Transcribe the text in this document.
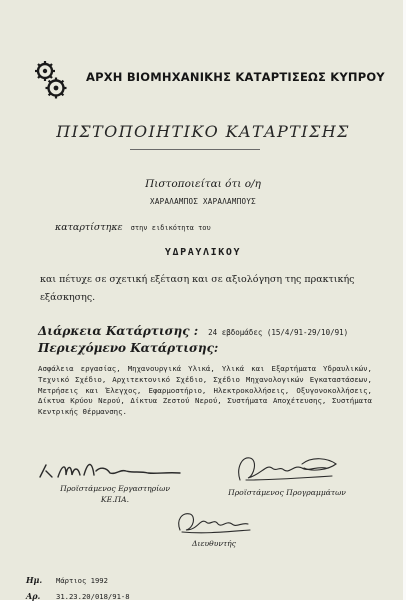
ΑΡΧΗ ΒΙΟΜΗΧΑΝΙΚΗΣ ΚΑΤΑΡΤΙΣΕΩΣ ΚΥΠΡΟΥ
ΠΙΣΤΟΠΟΙΗΤΙΚΟ ΚΑΤΑΡΤΙΣΗΣ
Πιστοποιείται ότι ο/η
ΧΑΡΑΛΑΜΠΟΣ ΧΑΡΑΛΑΜΠΟΥΣ
καταρτίστηκε στην ειδικότητα του
ΥΔΡΑΥΛΙΚΟΥ
και πέτυχε σε σχετική εξέταση και σε αξιολόγηση της πρακτικής εξάσκησης.
Διάρκεια Κατάρτισης : 24 εβδομάδες (15/4/91-29/10/91)
Περιεχόμενο Κατάρτισης:
Ασφάλεια εργασίας, Μηχανουργικά Υλικά, Υλικά και Εξαρτήματα Υδραυλικών, Τεχνικό Σχέδιο, Αρχιτεκτονικό Σχέδιο, Σχέδιο Μηχανολογικών Εγκαταστάσεων, Μετρήσεις και Έλεγχος, Εφαρμοστήριο, Ηλεκτροκολλήσεις, Οξυγονοκολλήσεις, Δίκτυα Κρύου Νερού, Δίκτυα Ζεστού Νερού, Συστήματα Αποχέτευσης, Συστήματα Κεντρικής Θέρμανσης.
Προϊστάμενος Εργαστηρίων
ΚΕ.ΠΑ.
Προϊστάμενος Προγραμμάτων
Διευθυντής
Ημ. Μάρτιος 1992
Αρ. 31.23.20/018/91-8
